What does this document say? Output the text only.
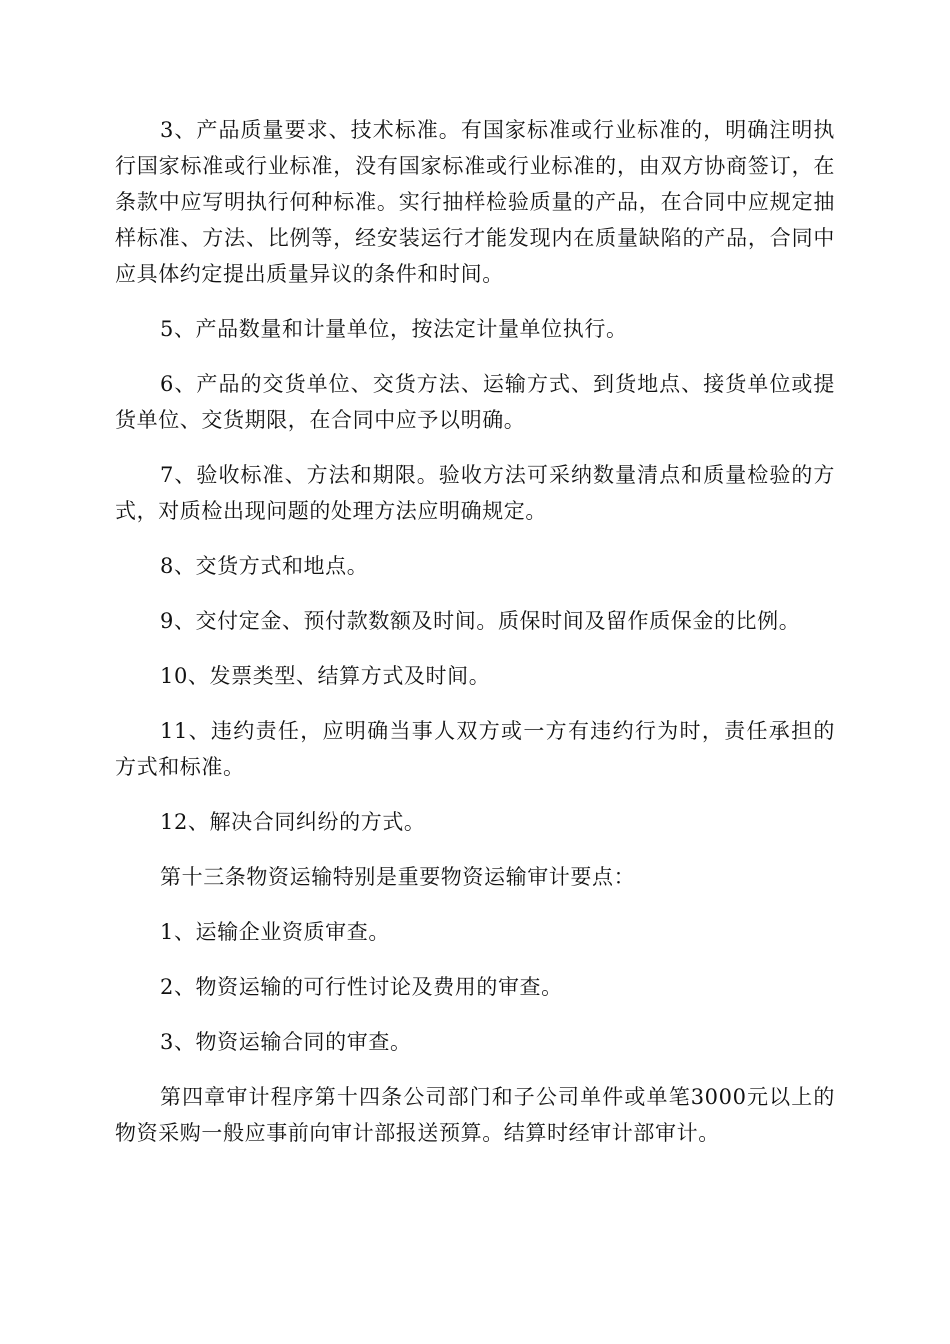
3、产品质量要求、技术标准。有国家标准或行业标准的，明确注明执行国家标准或行业标准，没有国家标准或行业标准的，由双方协商签订，在条款中应写明执行何种标准。实行抽样检验质量的产品，在合同中应规定抽样标准、方法、比例等，经安装运行才能发现内在质量缺陷的产品，合同中应具体约定提出质量异议的条件和时间。

5、产品数量和计量单位，按法定计量单位执行。

6、产品的交货单位、交货方法、运输方式、到货地点、接货单位或提货单位、交货期限，在合同中应予以明确。

7、验收标准、方法和期限。验收方法可采纳数量清点和质量检验的方式，对质检出现问题的处理方法应明确规定。

8、交货方式和地点。

9、交付定金、预付款数额及时间。质保时间及留作质保金的比例。

10、发票类型、结算方式及时间。

11、违约责任，应明确当事人双方或一方有违约行为时，责任承担的方式和标准。

12、解决合同纠纷的方式。

第十三条物资运输特别是重要物资运输审计要点：

1、运输企业资质审查。

2、物资运输的可行性讨论及费用的审查。

3、物资运输合同的审查。

第四章审计程序第十四条公司部门和子公司单件或单笔3000元以上的物资采购一般应事前向审计部报送预算。结算时经审计部审计。
